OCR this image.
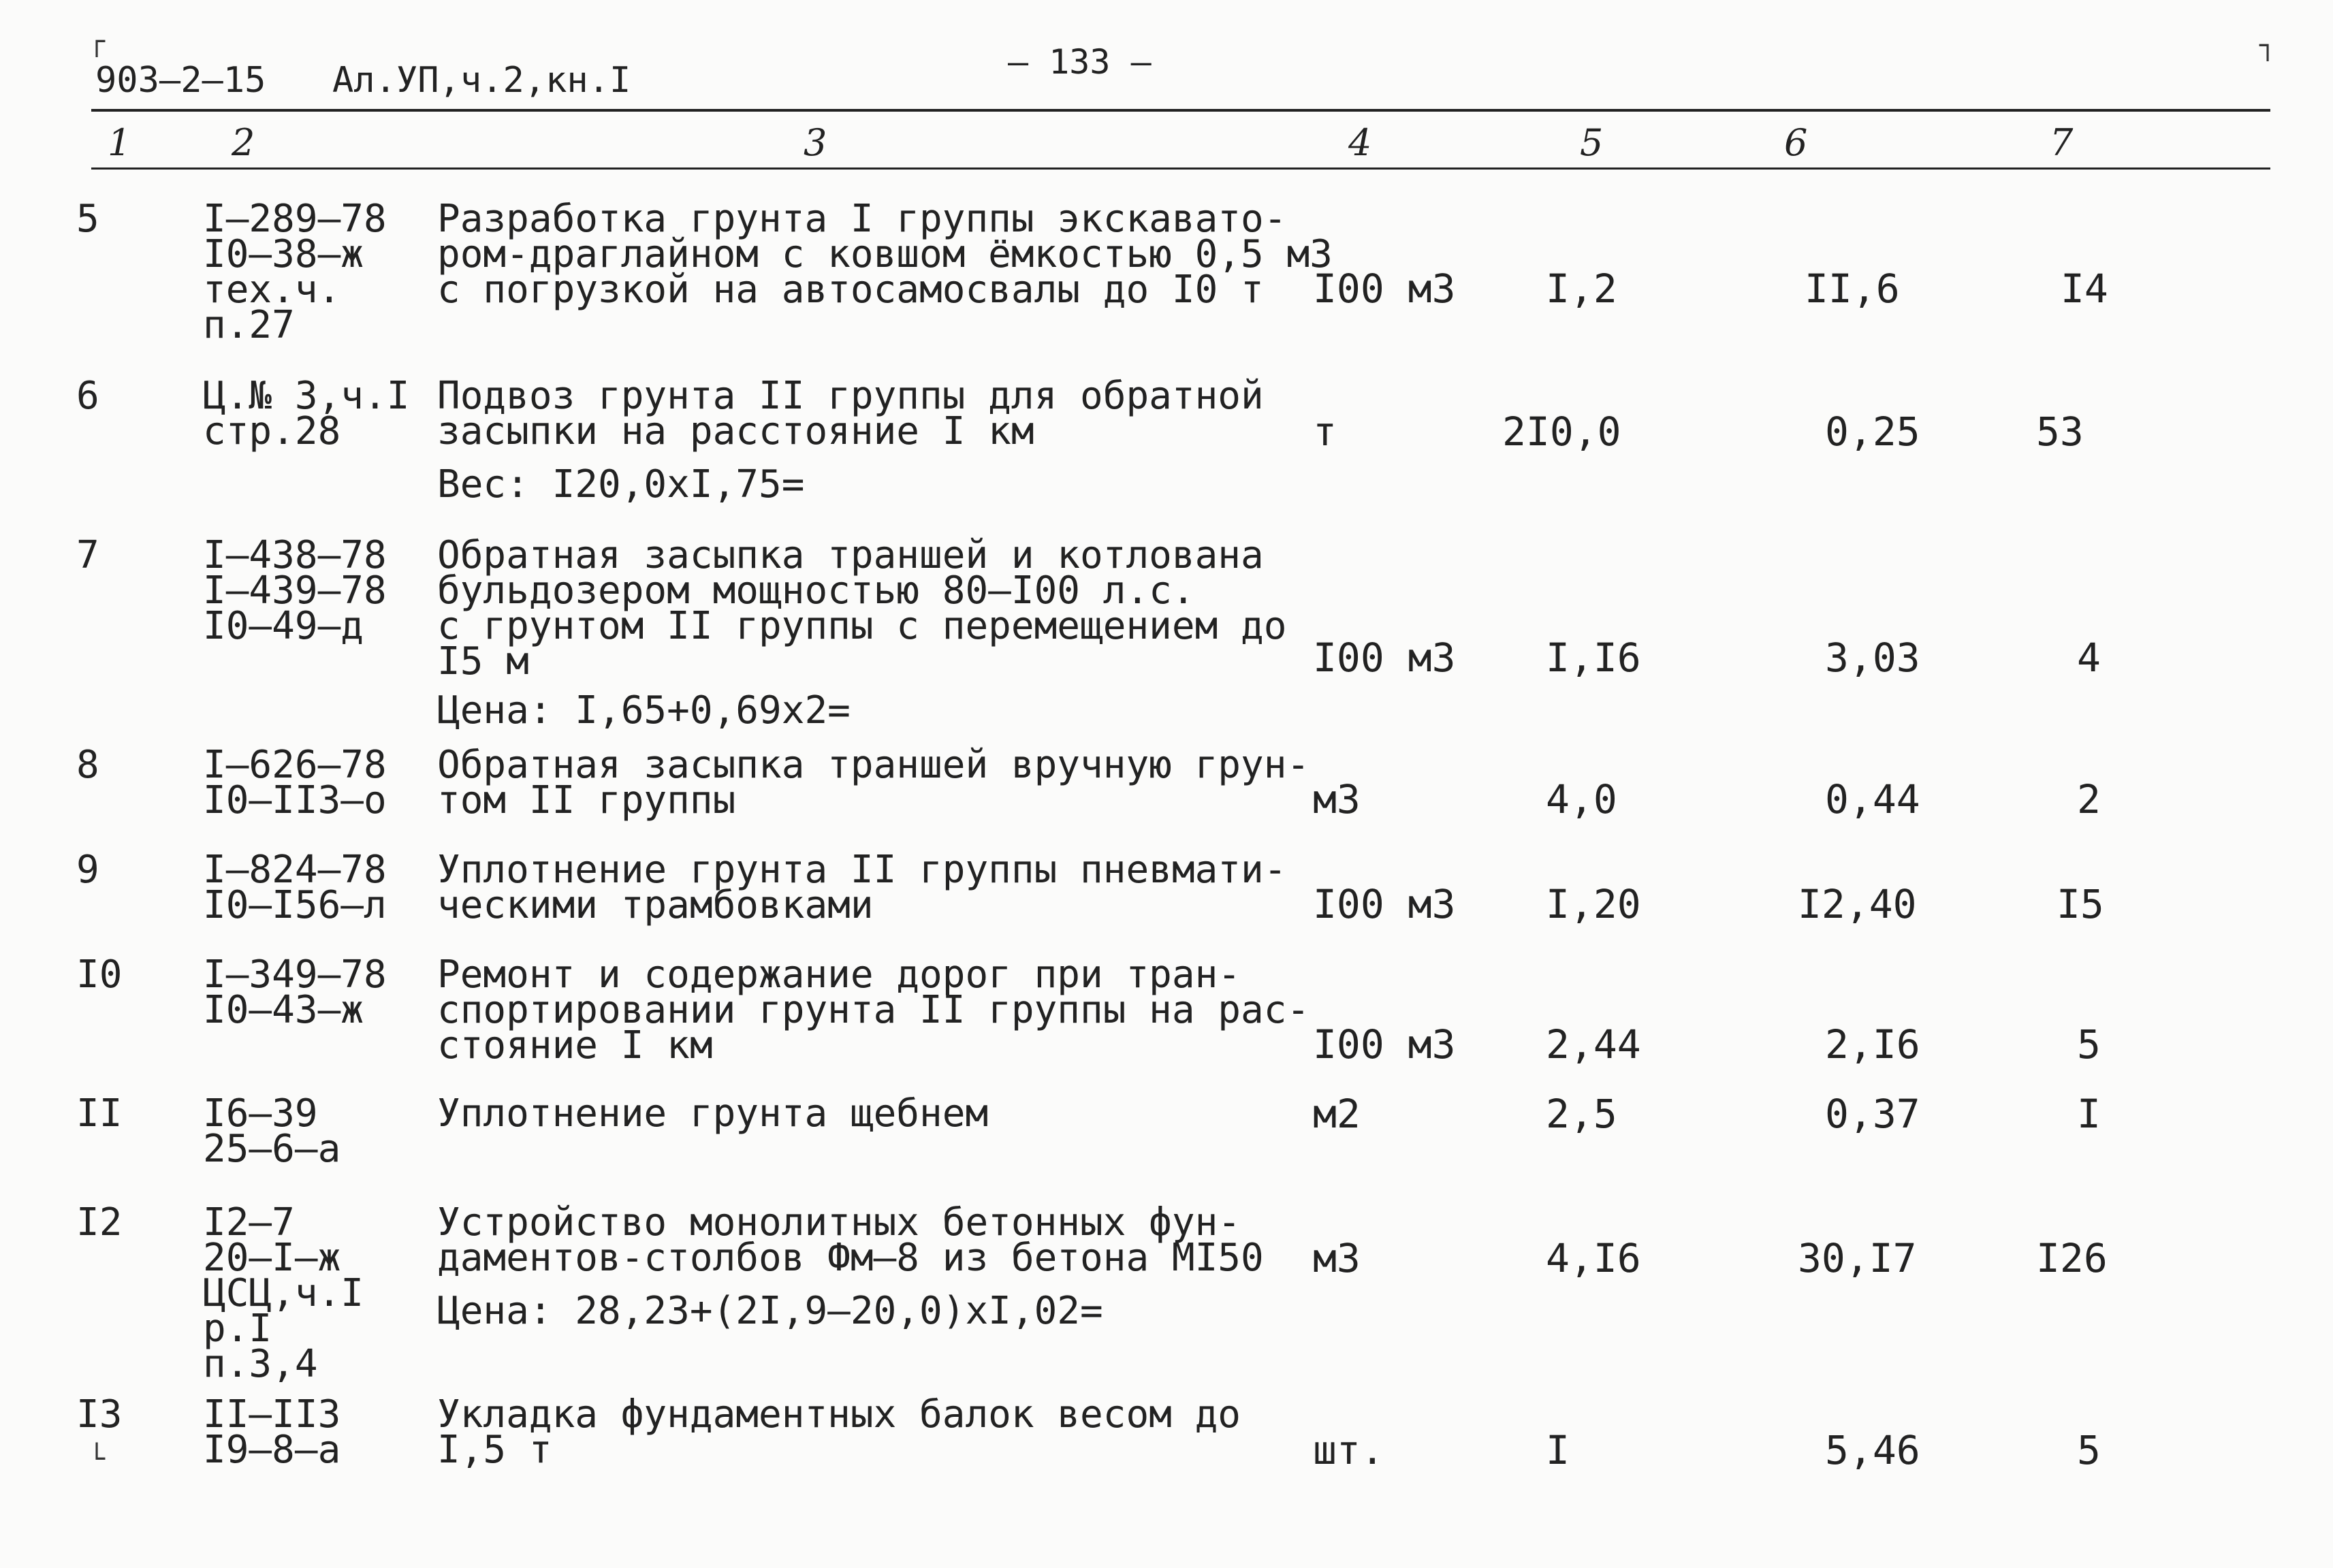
┌	┐
└
903–2–15 Ал.УП,ч.2,кн.I	— 133 —
1	2	3	4	5	6	7
5	I–289–78
I0–38–ж
тех.ч.
п.27
Разработка грунта I группы экскавато-
ром-драглайном с ковшом ёмкостью 0,5 м3
с погрузкой на автосамосвалы до I0 т	I00 м3 I,2	II,6	I4
6	Ц.№ 3,ч.I
стр.28
Подвоз грунта II группы для обратной
засыпки на расстояние I км
Вес: I20,0хI,75=
т	2I0,0	0,25	53
7	I–438–78
I–439–78
I0–49–д
Обратная засыпка траншей и котлована
бульдозером мощностью 80–I00 л.с.
с грунтом II группы с перемещением до
I5 м
Цена: I,65+0,69х2=
I00 м3 I,I6	3,03	4
8	I–626–78
I0–II3–о
Обратная засыпка траншей вручную грун-
том II группы	м3	4,0	0,44	2
9	I–824–78
I0–I56–л
Уплотнение грунта II группы пневмати-
ческими трамбовками	I00 м3 I,20	I2,40	I5
I0 I–349–78
I0–43–ж
Ремонт и содержание дорог при тран-
спортировании грунта II группы на рас-
стояние I км	I00 м3 2,44	2,I6	5
II I6–39
25–6–а
Уплотнение грунта щебнем	м2	2,5	0,37	I
I2 I2–7
20–I–ж
ЦСЦ,ч.I
р.I
п.3,4
Устройство монолитных бетонных фун-
даментов-столбов Фм–8 из бетона МI50
Цена: 28,23+(2I,9–20,0)хI,02=
м3	4,I6	30,I7	I26
I3 II–II3
I9–8–а
Укладка фундаментных балок весом до
I,5 т	шт.	I	5,46	5
